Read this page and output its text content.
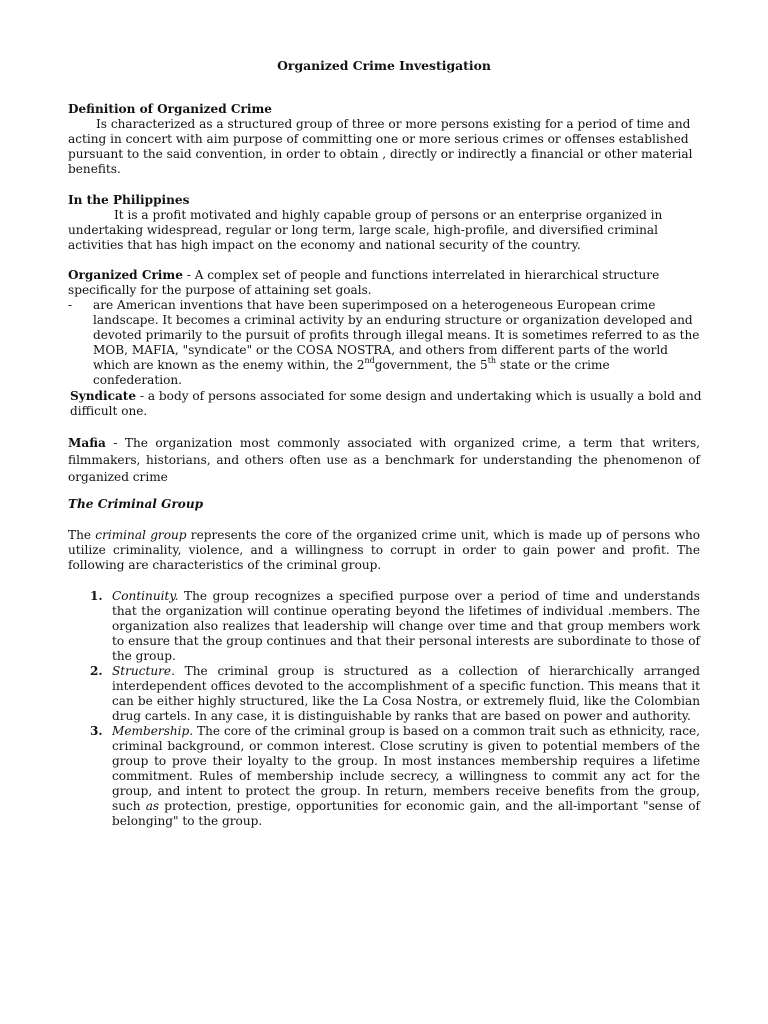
Organized Crime Investigation
Definition of Organized Crime
Is characterized as a structured group of three or more persons existing for a period of time and acting in concert with aim purpose of committing one or more serious crimes or offenses established pursuant to the said convention, in order to obtain , directly or indirectly a financial or other material benefits.
In the Philippines
It is a profit motivated and highly capable group of persons or an enterprise organized in undertaking widespread, regular or long term, large scale, high-profile, and diversified criminal activities that has high impact on the economy and national security of the country.
Organized Crime - A complex set of people and functions interrelated in hierarchical structure specifically for the purpose of attaining set goals.
- are American inventions that have been superimposed on a heterogeneous European crime landscape. It becomes a criminal activity by an enduring structure or organization developed and devoted primarily to the pursuit of profits through illegal means. It is sometimes referred to as the MOB, MAFIA, "syndicate" or the COSA NOSTRA, and others from different parts of the world which are known as the enemy within, the 2ndgovernment, the 5th state or the crime confederation.
Syndicate - a body of persons associated for some design and undertaking which is usually a bold and difficult one.
Mafia - The organization most commonly associated with organized crime, a term that writers, filmmakers, historians, and others often use as a benchmark for understanding the phenomenon of organized crime
The Criminal Group
The criminal group represents the core of the organized crime unit, which is made up of persons who utilize criminality, violence, and a willingness to corrupt in order to gain power and profit. The following are characteristics of the criminal group.
1. Continuity. The group recognizes a specified purpose over a period of time and understands that the organization will continue operating beyond the lifetimes of individual .members. The organization also realizes that leadership will change over time and that group members work to ensure that the group continues and that their personal interests are subordinate to those of the group.
2. Structure. The criminal group is structured as a collection of hierarchically arranged interdependent offices devoted to the accomplishment of a specific function. This means that it can be either highly structured, like the La Cosa Nostra, or extremely fluid, like the Colombian drug cartels. In any case, it is distinguishable by ranks that are based on power and authority.
3. Membership. The core of the criminal group is based on a common trait such as ethnicity, race, criminal background, or common interest. Close scrutiny is given to potential members of the group to prove their loyalty to the group. In most instances membership requires a lifetime commitment. Rules of membership include secrecy, a willingness to commit any act for the group, and intent to protect the group. In return, members receive benefits from the group, such as protection, prestige, opportunities for economic gain, and the all-important "sense of belonging" to the group.
